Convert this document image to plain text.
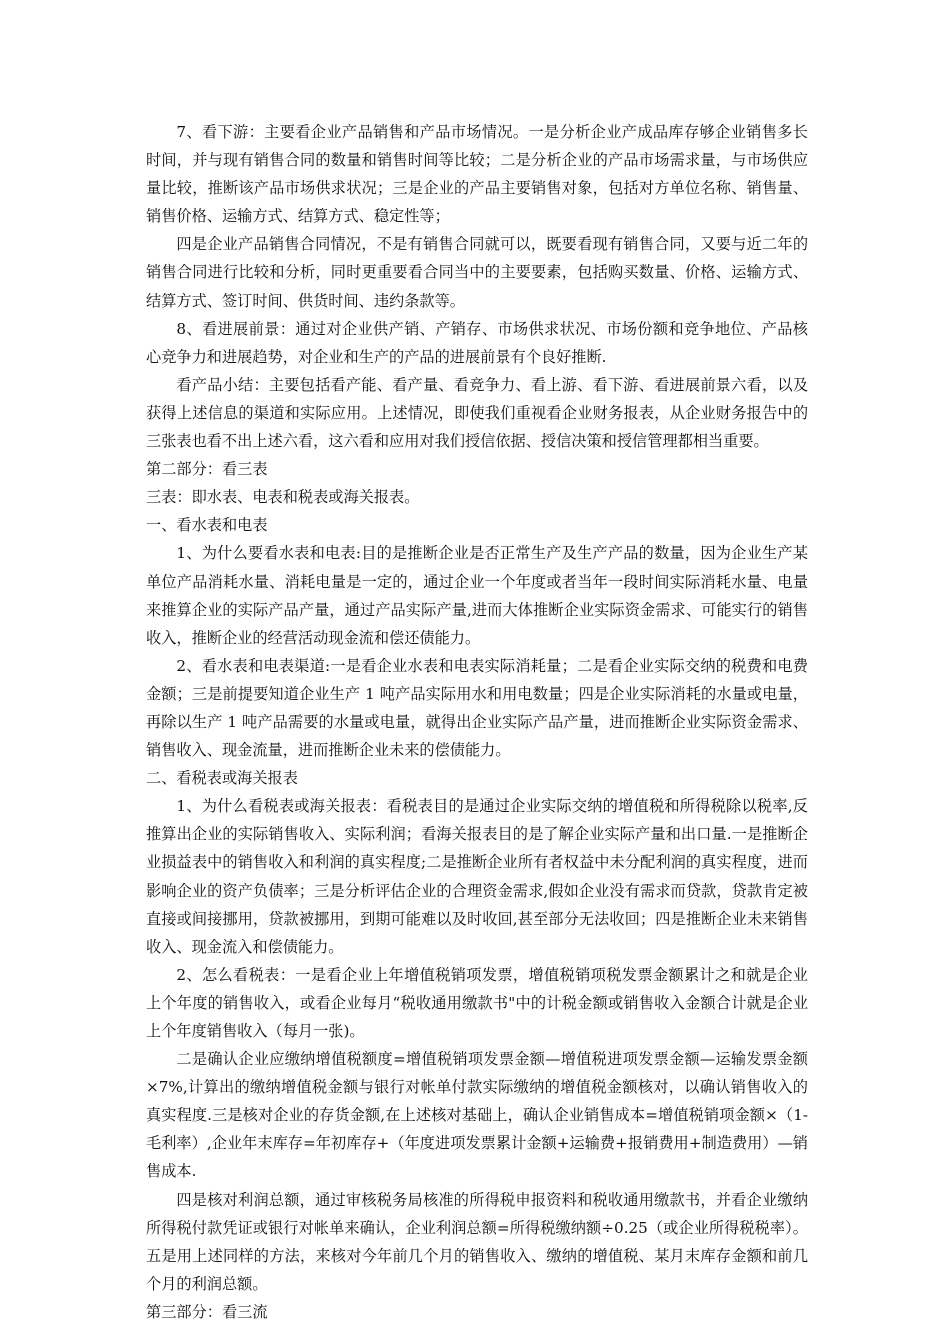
7、看下游：主要看企业产品销售和产品市场情况。一是分析企业产成品库存够企业销售多长时间，并与现有销售合同的数量和销售时间等比较；二是分析企业的产品市场需求量，与市场供应量比较，推断该产品市场供求状况；三是企业的产品主要销售对象，包括对方单位名称、销售量、销售价格、运输方式、结算方式、稳定性等；

四是企业产品销售合同情况，不是有销售合同就可以，既要看现有销售合同，又要与近二年的销售合同进行比较和分析，同时更重要看合同当中的主要要素，包括购买数量、价格、运输方式、结算方式、签订时间、供货时间、违约条款等。

8、看进展前景：通过对企业供产销、产销存、市场供求状况、市场份额和竞争地位、产品核心竞争力和进展趋势，对企业和生产的产品的进展前景有个良好推断.

看产品小结：主要包括看产能、看产量、看竞争力、看上游、看下游、看进展前景六看，以及获得上述信息的渠道和实际应用。上述情况，即使我们重视看企业财务报表，从企业财务报告中的三张表也看不出上述六看，这六看和应用对我们授信依据、授信决策和授信管理都相当重要。

第二部分：看三表

三表：即水表、电表和税表或海关报表。

一、看水表和电表

1、为什么要看水表和电表:目的是推断企业是否正常生产及生产产品的数量，因为企业生产某单位产品消耗水量、消耗电量是一定的，通过企业一个年度或者当年一段时间实际消耗水量、电量来推算企业的实际产品产量，通过产品实际产量,进而大体推断企业实际资金需求、可能实行的销售收入，推断企业的经营活动现金流和偿还债能力。

2、看水表和电表渠道:一是看企业水表和电表实际消耗量；二是看企业实际交纳的税费和电费金额；三是前提要知道企业生产 1 吨产品实际用水和用电数量；四是企业实际消耗的水量或电量，再除以生产 1 吨产品需要的水量或电量，就得出企业实际产品产量，进而推断企业实际资金需求、销售收入、现金流量，进而推断企业未来的偿债能力。

二、看税表或海关报表

1、为什么看税表或海关报表：看税表目的是通过企业实际交纳的增值税和所得税除以税率,反推算出企业的实际销售收入、实际利润；看海关报表目的是了解企业实际产量和出口量.一是推断企业损益表中的销售收入和利润的真实程度;二是推断企业所有者权益中未分配利润的真实程度，进而影响企业的资产负债率；三是分析评估企业的合理资金需求,假如企业没有需求而贷款，贷款肯定被直接或间接挪用，贷款被挪用，到期可能难以及时收回,甚至部分无法收回；四是推断企业未来销售收入、现金流入和偿债能力。

2、怎么看税表：一是看企业上年增值税销项发票，增值税销项税发票金额累计之和就是企业上个年度的销售收入，或看企业每月“税收通用缴款书"中的计税金额或销售收入金额合计就是企业上个年度销售收入（每月一张)。

二是确认企业应缴纳增值税额度=增值税销项发票金额—增值税进项发票金额—运输发票金额×7%,计算出的缴纳增值税金额与银行对帐单付款实际缴纳的增值税金额核对，以确认销售收入的真实程度.三是核对企业的存货金额,在上述核对基础上，确认企业销售成本=增值税销项金额×（1-毛利率）,企业年末库存=年初库存+（年度进项发票累计金额+运输费+报销费用+制造费用）—销售成本.

四是核对利润总额，通过审核税务局核准的所得税申报资料和税收通用缴款书，并看企业缴纳所得税付款凭证或银行对帐单来确认，企业利润总额=所得税缴纳额÷0.25（或企业所得税税率）。五是用上述同样的方法，来核对今年前几个月的销售收入、缴纳的增值税、某月末库存金额和前几个月的利润总额。

第三部分：看三流
